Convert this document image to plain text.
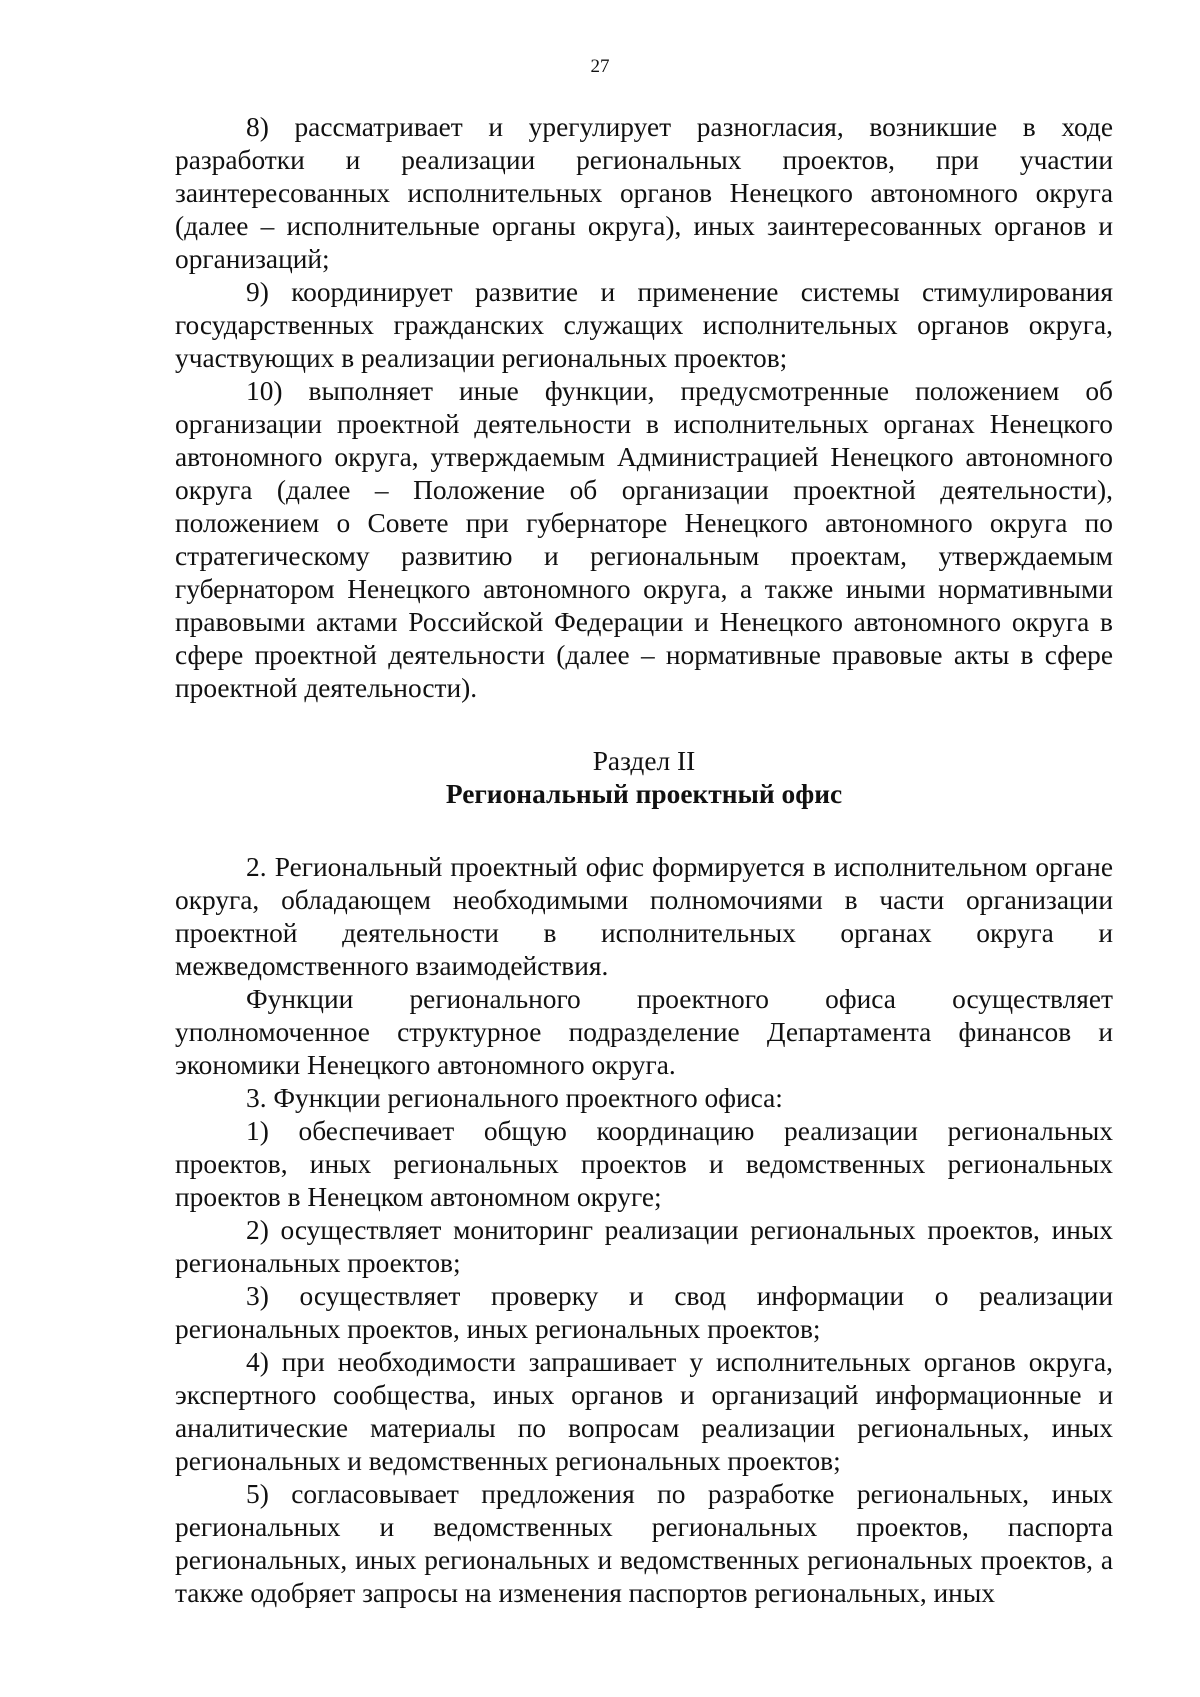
27

8) рассматривает и урегулирует разногласия, возникшие в ходе разработки и реализации региональных проектов, при участии заинтересованных исполнительных органов Ненецкого автономного округа (далее – исполнительные органы округа), иных заинтересованных органов и организаций;

9) координирует развитие и применение системы стимулирования государственных гражданских служащих исполнительных органов округа, участвующих в реализации региональных проектов;

10) выполняет иные функции, предусмотренные положением об организации проектной деятельности в исполнительных органах Ненецкого автономного округа, утверждаемым Администрацией Ненецкого автономного округа (далее – Положение об организации проектной деятельности), положением о Совете при губернаторе Ненецкого автономного округа по стратегическому развитию и региональным проектам, утверждаемым губернатором Ненецкого автономного округа, а также иными нормативными правовыми актами Российской Федерации и Ненецкого автономного округа в сфере проектной деятельности (далее – нормативные правовые акты в сфере проектной деятельности).

Раздел II

Региональный проектный офис

2. Региональный проектный офис формируется в исполнительном органе округа, обладающем необходимыми полномочиями в части организации проектной деятельности в исполнительных органах округа и межведомственного взаимодействия.

Функции регионального проектного офиса осуществляет уполномоченное структурное подразделение Департамента финансов и экономики Ненецкого автономного округа.

3. Функции регионального проектного офиса:

1) обеспечивает общую координацию реализации региональных проектов, иных региональных проектов и ведомственных региональных проектов в Ненецком автономном округе;

2) осуществляет мониторинг реализации региональных проектов, иных региональных проектов;

3) осуществляет проверку и свод информации о реализации региональных проектов, иных региональных проектов;

4) при необходимости запрашивает у исполнительных органов округа, экспертного сообщества, иных органов и организаций информационные и аналитические материалы по вопросам реализации региональных, иных региональных и ведомственных региональных проектов;

5) согласовывает предложения по разработке региональных, иных региональных и ведомственных региональных проектов, паспорта региональных, иных региональных и ведомственных региональных проектов, а также одобряет запросы на изменения паспортов региональных, иных
